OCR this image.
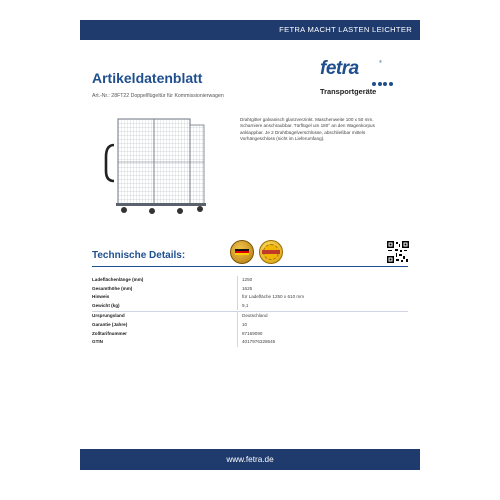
FETRA MACHT LASTEN LEICHTER
Artikeldatenblatt
Art.-Nr.: 28FT22 Doppelflügeltür für Kommissionierwagen
fetra	®
Transportgeräte
Drahtgitter galvanisch glanzverzinkt. Maschenweite 100 x 50 mm. Scharniere anschraubbar. Türflügel um 180° an den Wagenkorpus anklappbar. Je 2 Drahtbügelverschlüsse, abschließbar mittels Vorhängeschloss (nicht im Lieferumfang).
Technische Details:
Ladeflächenlänge (mm)	1250
Gesamthöhe (mm)	1625
Hinweis	für Ladefläche 1250 x 610 mm
Gewicht (kg)	9,1
Ursprungsland	Deutschland
Garantie (Jahre)	10
Zolltarifnummer	87169090
GTIN	4017976328645
www.fetra.de
